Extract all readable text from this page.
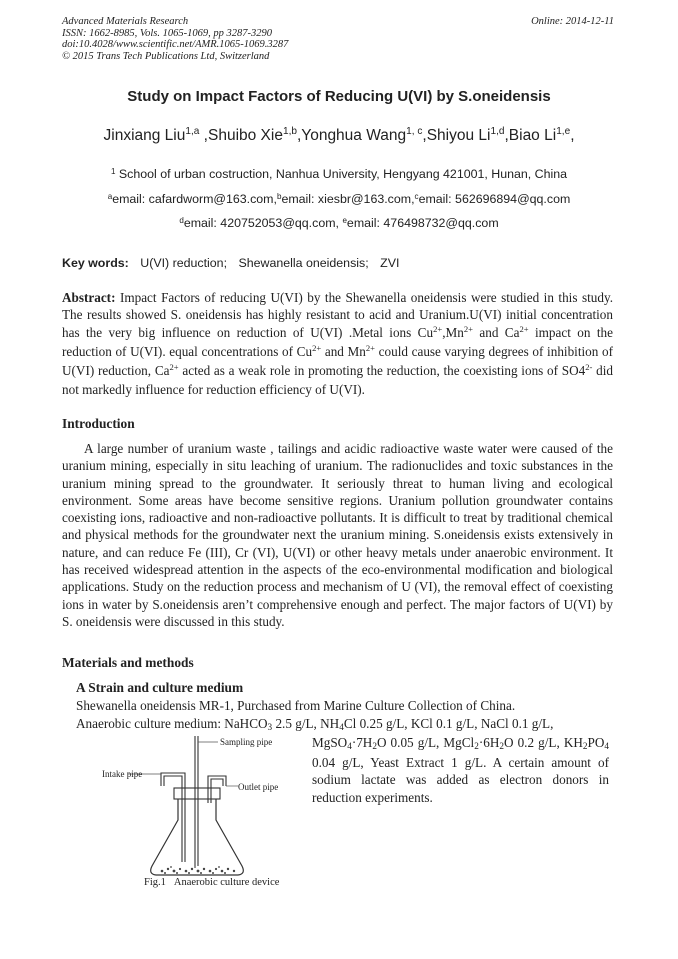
Advanced Materials Research
ISSN: 1662-8985, Vols. 1065-1069, pp 3287-3290
doi:10.4028/www.scientific.net/AMR.1065-1069.3287
© 2015 Trans Tech Publications Ltd, Switzerland
Online: 2014-12-11
Study on Impact Factors of Reducing U(VI) by S.oneidensis
Jinxiang Liu$^{1,a}$ ,Shuibo Xie$^{1,b}$,Yonghua Wang$^{1, c}$,Shiyou Li$^{1,d}$,Biao Li$^{1,e}$,
$^1$ School of urban costruction, Nanhua University, Hengyang 421001, Hunan, China
$^a$email: cafardworm@163.com,$^b$email: xiesbr@163.com,$^c$email: 562696894@qq.com
$^d$email: 420752053@qq.com, $^e$email: 476498732@qq.com
Key words: U(VI) reduction; Shewanella oneidensis; ZVI

Abstract: Impact Factors of reducing U(VI) by the Shewanella oneidensis were studied in this study. The results showed S. oneidensis has highly resistant to acid and Uranium.U(VI) initial concentration has the very big influence on reduction of U(VI) .Metal ions $Cu^{2+},Mn^{2+}$ and $Ca^{2+}$ impact on the reduction of U(VI). equal concentrations of $Cu^{2+}$ and $Mn^{2+}$ could cause varying degrees of inhibition of U(VI) reduction, $Ca^{2+}$ acted as a weak role in promoting the reduction, the coexisting ions of $SO4^{2-}$ did not markedly influence for reduction efficiency of U(VI).

Introduction

A large number of uranium waste , tailings and acidic radioactive waste water were caused of the uranium mining, especially in situ leaching of uranium. The radionuclides and toxic substances in the uranium mining spread to the groundwater. It seriously threat to human living and ecological environment. Some areas have become sensitive regions. Uranium pollution groundwater contains coexisting ions, radioactive and non-radioactive pollutants. It is difficult to treat by traditional chemical and physical methods for the groundwater next the uranium mining. S.oneidensis exists extensively in nature, and can reduce Fe (III), Cr (VI), U(VI) or other heavy metals under anaerobic environment. It has received widespread attention in the aspects of the eco-environmental modification and biological applications. Study on the reduction process and mechanism of U (VI), the removal effect of coexisting ions in water by S.oneidensis aren’t comprehensive enough and perfect. The major factors of U(VI) by S. oneidensis were discussed in this study.

Materials and methods
A Strain and culture medium
Shewanella oneidensis MR-1, Purchased from Marine Culture Collection of China.
Anaerobic culture medium: NaHCO$_3$ 2.5 g/L, $NH_4Cl$ 0.25 g/L, KCl 0.1 g/L, NaCl 0.1 g/L,
$MgSO_4\cdot 7H_2O$ 0.05 g/L, $MgCl_2\cdot 6H_2O$ 0.2 g/L, $KH_2PO_4$ 0.04 g/L, Yeast Extract 1 g/L. A certain amount of sodium lactate was added as electron donors in reduction experiments.
Sampling pipe
Intake pipe
Outlet pipe
Fig.1 Anaerobic culture device
